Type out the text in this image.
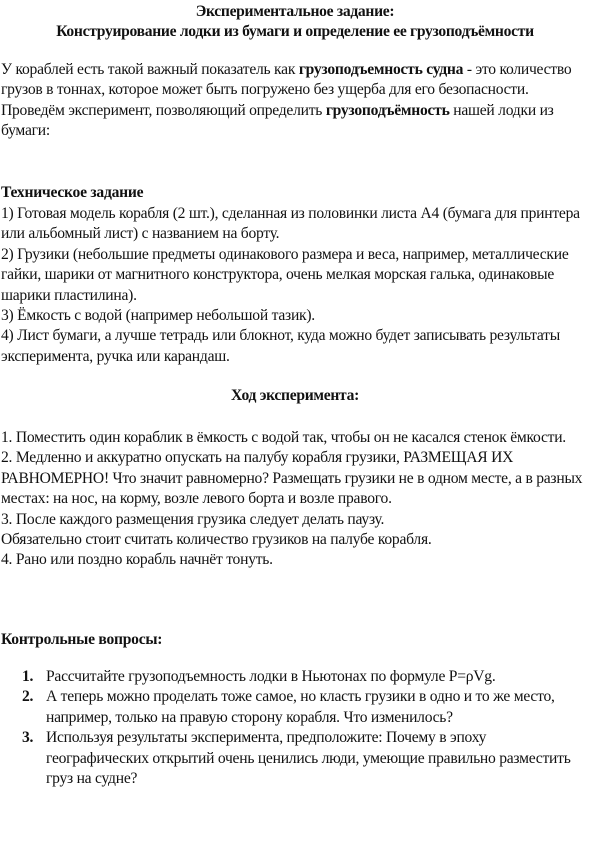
Экспериментальное задание:
Конструирование лодки из бумаги и определение ее грузоподъёмности

У кораблей есть такой важный показатель как грузоподъемность судна - это количество грузов в тоннах, которое может быть погружено без ущерба для его безопасности.

Проведём эксперимент, позволяющий определить грузоподъёмность нашей лодки из бумаги:

Техническое задание

1) Готовая модель корабля (2 шт.), сделанная из половинки листа А4 (бумага для принтера или альбомный лист) с названием на борту.

2) Грузики (небольшие предметы одинакового размера и веса, например, металлические гайки, шарики от магнитного конструктора, очень мелкая морская галька, одинаковые шарики пластилина).

3) Ёмкость с водой (например небольшой тазик).

4) Лист бумаги, а лучше тетрадь или блокнот, куда можно будет записывать результаты эксперимента, ручка или карандаш.

Ход эксперимента:

1. Поместить один кораблик в ёмкость с водой так, чтобы он не касался стенок ёмкости.

2. Медленно и аккуратно опускать на палубу корабля грузики, РАЗМЕЩАЯ ИХ РАВНОМЕРНО! Что значит равномерно? Размещать грузики не в одном месте, а в разных местах: на нос, на корму, возле левого борта и возле правого.

3. После каждого размещения грузика следует делать паузу.

Обязательно стоит считать количество грузиков на палубе корабля.

4. Рано или поздно корабль начнёт тонуть.

Контрольные вопросы:
1. Рассчитайте грузоподъемность лодки в Ньютонах по формуле Р=ρVg.
2. А теперь можно проделать тоже самое, но класть грузики в одно и то же место, например, только на правую сторону корабля. Что изменилось?
3. Используя результаты эксперимента, предположите: Почему в эпоху географических открытий очень ценились люди, умеющие правильно разместить груз на судне?
